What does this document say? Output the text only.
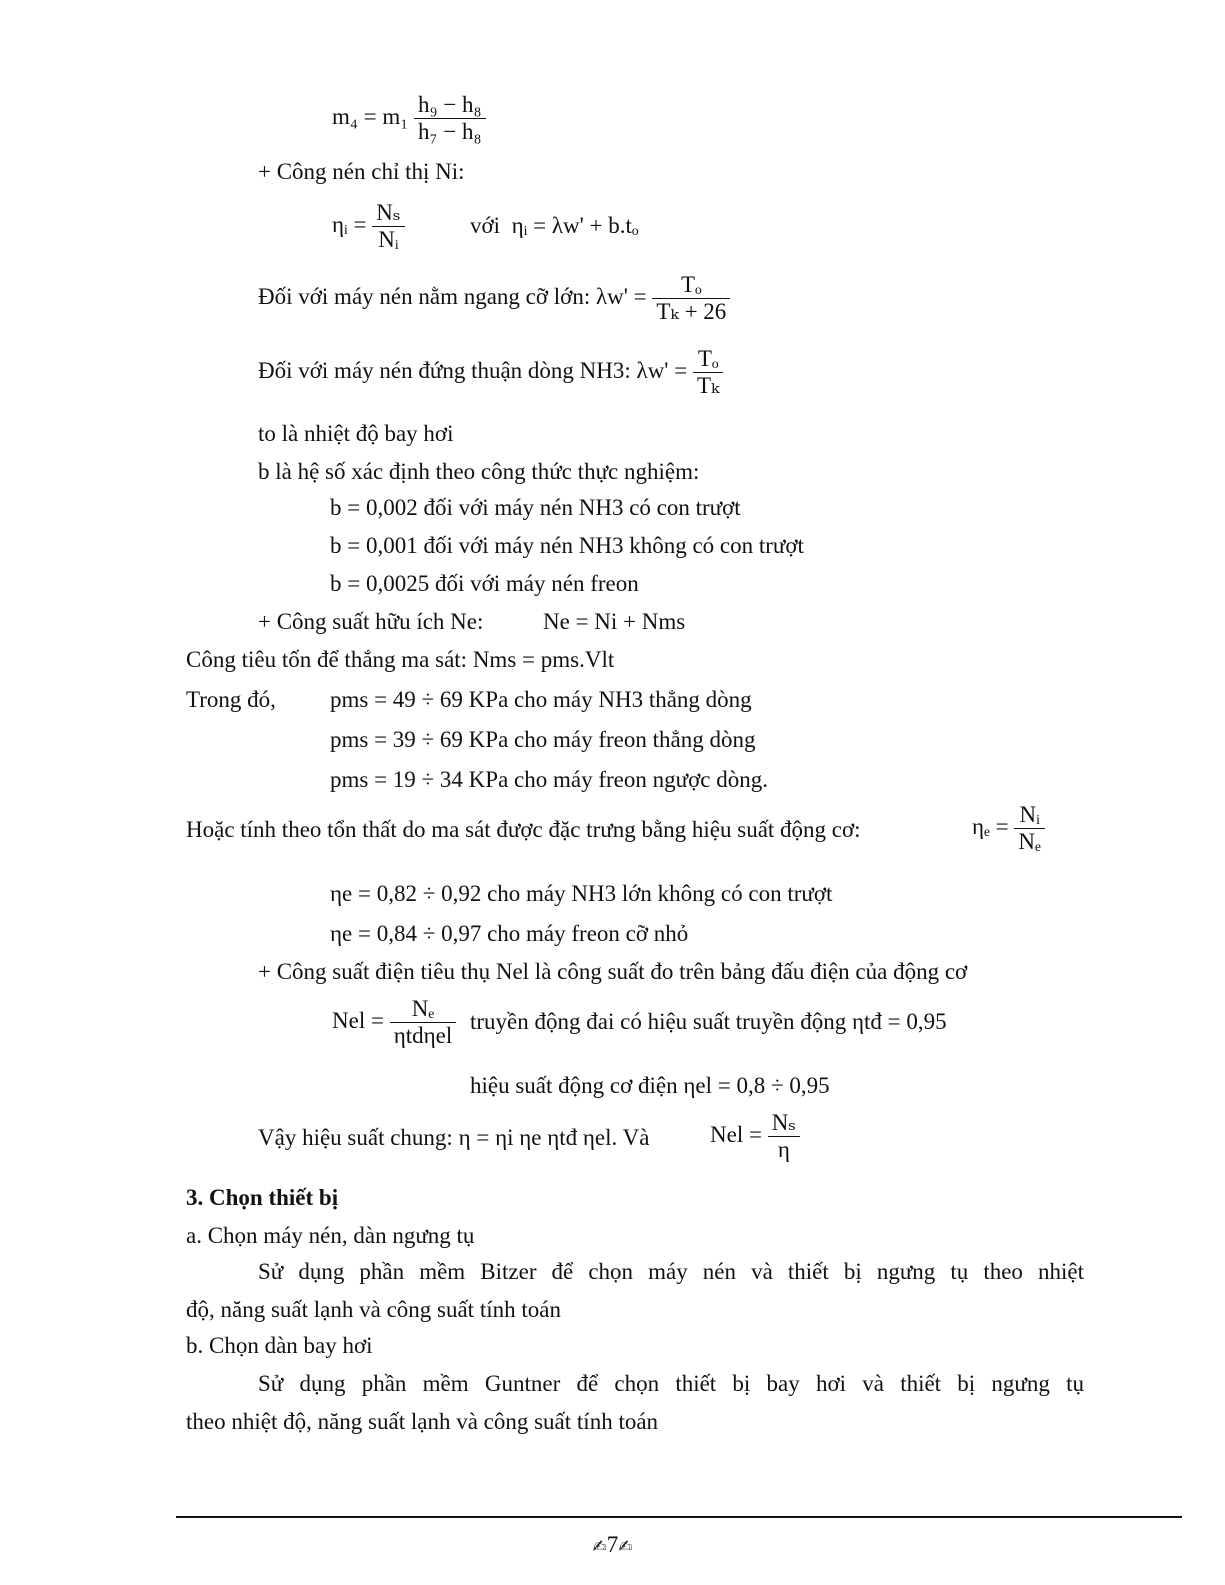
$m_4 = m_1 \frac{\text{h₉ − h₈}}{\text{h₇ − h₈}}$
+ Công nén chỉ thị Ni:
ηᵢ = $\frac{\text{Nₛ}}{\text{Nᵢ}}$	với ηᵢ = λw' + b.tₒ
Đối với máy nén nằm ngang cỡ lớn: $\lambda w' = \frac{\text{Tₒ}}{\text{Tₖ + 26}}$
Đối với máy nén đứng thuận dòng NH3: $\lambda w' = \frac{\text{Tₒ}}{\text{Tₖ}}$
to là nhiệt độ bay hơi
b là hệ số xác định theo công thức thực nghiệm:
b = 0,002 đối với máy nén NH3 có con trượt
b = 0,001 đối với máy nén NH3 không có con trượt
b = 0,0025 đối với máy nén freon
+ Công suất hữu ích Ne:	Ne = Ni + Nms
Công tiêu tốn để thắng ma sát: Nms = pms.Vlt
Trong đó, pms = 49 ÷ 69 KPa cho máy NH3 thẳng dòng
pms = 39 ÷ 69 KPa cho máy freon thẳng dòng
pms = 19 ÷ 34 KPa cho máy freon ngược dòng.
Hoặc tính theo tổn thất do ma sát được đặc trưng bằng hiệu suất động cơ:	$\eta_e = \frac{\text{Nᵢ}}{\text{Nₑ}}$
ηe = 0,82 ÷ 0,92 cho máy NH3 lớn không có con trượt
ηe = 0,84 ÷ 0,97 cho máy freon cỡ nhỏ
+ Công suất điện tiêu thụ Nel là công suất đo trên bảng đấu điện của động cơ
Nel = $\frac{\text{Nₑ}}{\text{ηtdηel}}$ truyền động đai có hiệu suất truyền động ηtđ = 0,95
hiệu suất động cơ điện ηel = 0,8 ÷ 0,95
Vậy hiệu suất chung: η = ηi ηe ηtđ ηel. Và	Nel = $\frac{\text{Nₛ}}{\eta}$
3. Chọn thiết bị
a. Chọn máy nén, dàn ngưng tụ
Sử dụng phần mềm Bitzer để chọn máy nén và thiết bị ngưng tụ theo nhiệt
độ, năng suất lạnh và công suất tính toán
b. Chọn dàn bay hơi
Sử dụng phần mềm Guntner để chọn thiết bị bay hơi và thiết bị ngưng tụ
theo nhiệt độ, năng suất lạnh và công suất tính toán
✍7✍
